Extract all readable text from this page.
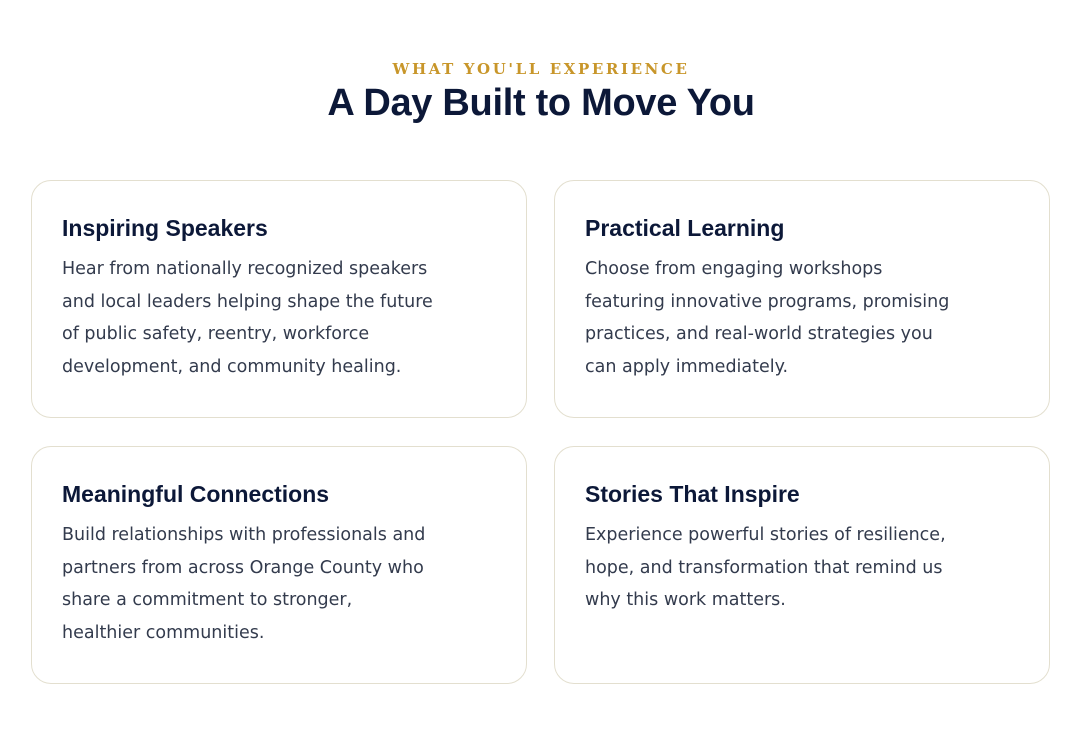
WHAT YOU'LL EXPERIENCE
A Day Built to Move You
Inspiring Speakers

Hear from nationally recognized speakers
and local leaders helping shape the future
of public safety, reentry, workforce
development, and community healing.

Practical Learning

Choose from engaging workshops
featuring innovative programs, promising
practices, and real-world strategies you
can apply immediately.

Meaningful Connections

Build relationships with professionals and
partners from across Orange County who
share a commitment to stronger,
healthier communities.

Stories That Inspire

Experience powerful stories of resilience,
hope, and transformation that remind us
why this work matters.
